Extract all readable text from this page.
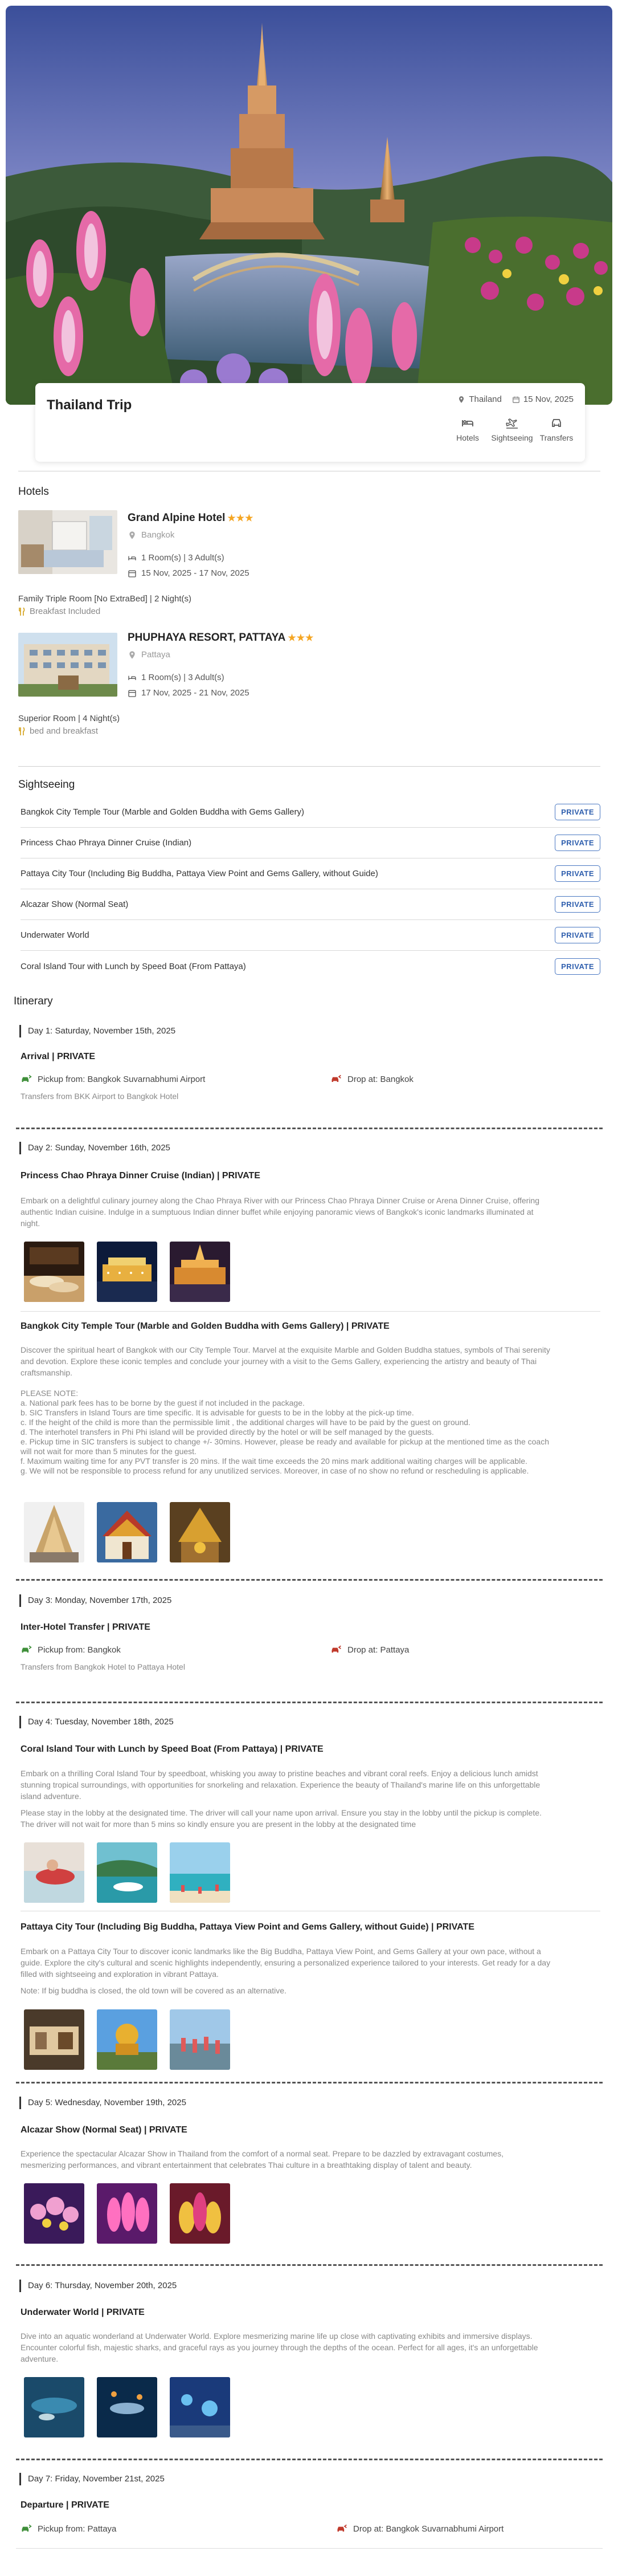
Thailand Trip	Thailand	15 Nov, 2025
Hotels Sightseeing Transfers
Hotels
Grand Alpine Hotel ★★★
Bangkok
1 Room(s) | 3 Adult(s)
15 Nov, 2025 - 17 Nov, 2025
Family Triple Room [No ExtraBed] | 2 Night(s)
Breakfast Included
PHUPHAYA RESORT, PATTAYA ★★★
Pattaya
1 Room(s) | 3 Adult(s)
17 Nov, 2025 - 21 Nov, 2025
Superior Room | 4 Night(s)
bed and breakfast
Sightseeing
Bangkok City Temple Tour (Marble and Golden Buddha with Gems Gallery)	PRIVATE
Princess Chao Phraya Dinner Cruise (Indian)	PRIVATE
Pattaya City Tour (Including Big Buddha, Pattaya View Point and Gems Gallery, without Guide)	PRIVATE
Alcazar Show (Normal Seat)	PRIVATE
Underwater World	PRIVATE
Coral Island Tour with Lunch by Speed Boat (From Pattaya)	PRIVATE
Itinerary
Day 1: Saturday, November 15th, 2025
Arrival | PRIVATE
Pickup from: Bangkok Suvarnabhumi Airport	Drop at: Bangkok
Transfers from BKK Airport to Bangkok Hotel
Day 2: Sunday, November 16th, 2025
Princess Chao Phraya Dinner Cruise (Indian) | PRIVATE
Embark on a delightful culinary journey along the Chao Phraya River with our Princess Chao Phraya Dinner Cruise or Arena Dinner Cruise, offering
authentic Indian cuisine. Indulge in a sumptuous Indian dinner buffet while enjoying panoramic views of Bangkok's iconic landmarks illuminated at
night.
Bangkok City Temple Tour (Marble and Golden Buddha with Gems Gallery) | PRIVATE
Discover the spiritual heart of Bangkok with our City Temple Tour. Marvel at the exquisite Marble and Golden Buddha statues, symbols of Thai serenity
and devotion. Explore these iconic temples and conclude your journey with a visit to the Gems Gallery, experiencing the artistry and beauty of Thai
craftsmanship.
PLEASE NOTE:
a. National park fees has to be borne by the guest if not included in the package.
b. SIC Transfers in Island Tours are time specific. It is advisable for guests to be in the lobby at the pick-up time.
c. If the height of the child is more than the permissible limit , the additional charges will have to be paid by the guest on ground.
d. The interhotel transfers in Phi Phi island will be provided directly by the hotel or will be self managed by the guests.
e. Pickup time in SIC transfers is subject to change +/- 30mins. However, please be ready and available for pickup at the mentioned time as the coach
will not wait for more than 5 minutes for the guest.
f. Maximum waiting time for any PVT transfer is 20 mins. If the wait time exceeds the 20 mins mark additional waiting charges will be applicable.
g. We will not be responsible to process refund for any unutilized services. Moreover, in case of no show no refund or rescheduling is applicable.
Day 3: Monday, November 17th, 2025
Inter-Hotel Transfer | PRIVATE
Pickup from: Bangkok	Drop at: Pattaya
Transfers from Bangkok Hotel to Pattaya Hotel
Day 4: Tuesday, November 18th, 2025
Coral Island Tour with Lunch by Speed Boat (From Pattaya) | PRIVATE
Embark on a thrilling Coral Island Tour by speedboat, whisking you away to pristine beaches and vibrant coral reefs. Enjoy a delicious lunch amidst
stunning tropical surroundings, with opportunities for snorkeling and relaxation. Experience the beauty of Thailand's marine life on this unforgettable
island adventure.
Please stay in the lobby at the designated time. The driver will call your name upon arrival. Ensure you stay in the lobby until the pickup is complete.
The driver will not wait for more than 5 mins so kindly ensure you are present in the lobby at the designated time
Pattaya City Tour (Including Big Buddha, Pattaya View Point and Gems Gallery, without Guide) | PRIVATE
Embark on a Pattaya City Tour to discover iconic landmarks like the Big Buddha, Pattaya View Point, and Gems Gallery at your own pace, without a
guide. Explore the city's cultural and scenic highlights independently, ensuring a personalized experience tailored to your interests. Get ready for a day
filled with sightseeing and exploration in vibrant Pattaya.
Note: If big buddha is closed, the old town will be covered as an alternative.
Day 5: Wednesday, November 19th, 2025
Alcazar Show (Normal Seat) | PRIVATE
Experience the spectacular Alcazar Show in Thailand from the comfort of a normal seat. Prepare to be dazzled by extravagant costumes,
mesmerizing performances, and vibrant entertainment that celebrates Thai culture in a breathtaking display of talent and beauty.
Day 6: Thursday, November 20th, 2025
Underwater World | PRIVATE
Dive into an aquatic wonderland at Underwater World. Explore mesmerizing marine life up close with captivating exhibits and immersive displays.
Encounter colorful fish, majestic sharks, and graceful rays as you journey through the depths of the ocean. Perfect for all ages, it's an unforgettable
adventure.
Day 7: Friday, November 21st, 2025
Departure | PRIVATE
Pickup from: Pattaya	Drop at: Bangkok Suvarnabhumi Airport
